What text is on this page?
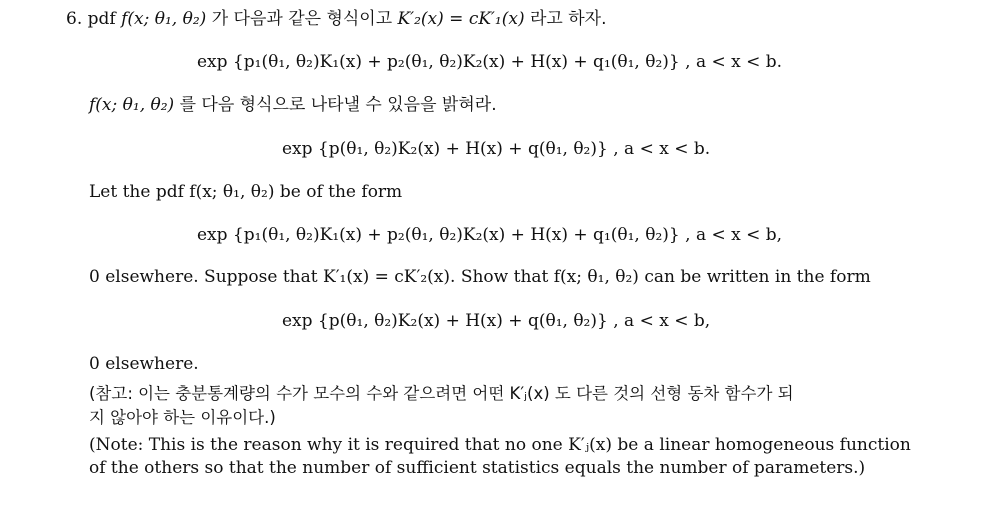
6. pdf f(x; θ₁, θ₂) 가 다음과 같은 형식이고 K′₂(x) = cK′₁(x) 라고 하자.
exp {p₁(θ₁, θ₂)K₁(x) + p₂(θ₁, θ₂)K₂(x) + H(x) + q₁(θ₁, θ₂)} , a < x < b.
f(x; θ₁, θ₂) 를 다음 형식으로 나타낼 수 있음을 밝혀라.
exp {p(θ₁, θ₂)K₂(x) + H(x) + q(θ₁, θ₂)} , a < x < b.
Let the pdf f(x; θ₁, θ₂) be of the form
exp {p₁(θ₁, θ₂)K₁(x) + p₂(θ₁, θ₂)K₂(x) + H(x) + q₁(θ₁, θ₂)} , a < x < b,
0 elsewhere. Suppose that K′₁(x) = cK′₂(x). Show that f(x; θ₁, θ₂) can be written in the form
exp {p(θ₁, θ₂)K₂(x) + H(x) + q(θ₁, θ₂)} , a < x < b,
0 elsewhere.
(참고: 이는 충분통계량의 수가 모수의 수와 같으려면 어떤 K′ⱼ(x) 도 다른 것의 선형 동차 함수가 되
지 않아야 하는 이유이다.)
(Note: This is the reason why it is required that no one K′ⱼ(x) be a linear homogeneous function
of the others so that the number of sufficient statistics equals the number of parameters.)
